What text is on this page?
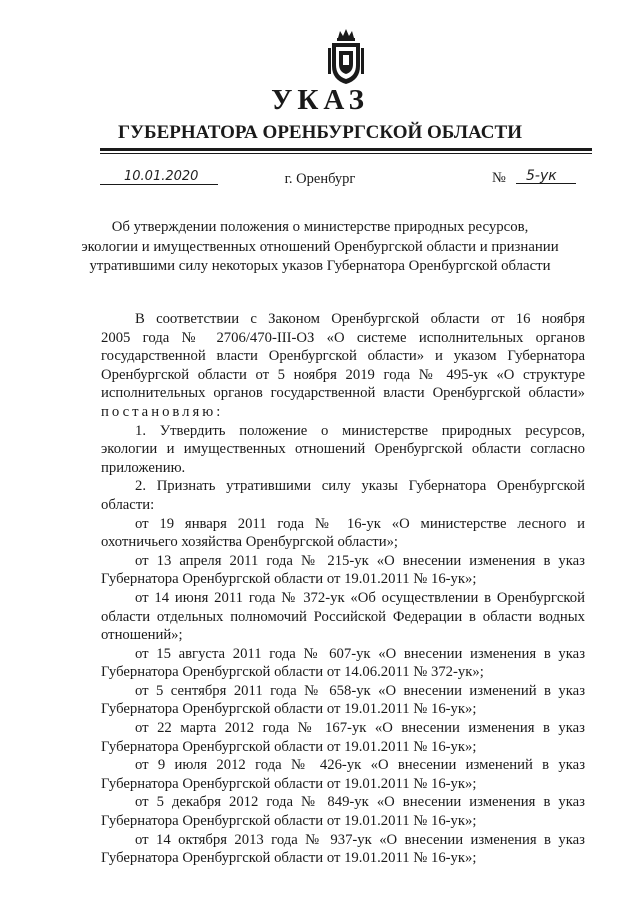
УКАЗ
ГУБЕРНАТОРА ОРЕНБУРГСКОЙ ОБЛАСТИ
10.01.2020	г. Оренбург	№ 5-ук
Об утверждении положения о министерстве природных ресурсов,
экологии и имущественных отношений Оренбургской области и признании
утратившими силу некоторых указов Губернатора Оренбургской области
В соответствии с Законом Оренбургской области от 16 ноября
2005 года № 2706/470-III-ОЗ «О системе исполнительных органов
государственной власти Оренбургской области» и указом Губернатора
Оренбургской области от 5 ноября 2019 года № 495-ук «О структуре
исполнительных органов государственной власти Оренбургской области»
постановляю:
1. Утвердить положение о министерстве природных ресурсов,
экологии и имущественных отношений Оренбургской области согласно
приложению.
2. Признать утратившими силу указы Губернатора Оренбургской
области:
от 19 января 2011 года № 16-ук «О министерстве лесного и
охотничьего хозяйства Оренбургской области»;
от 13 апреля 2011 года № 215-ук «О внесении изменения в указ
Губернатора Оренбургской области от 19.01.2011 № 16-ук»;
от 14 июня 2011 года № 372-ук «Об осуществлении в Оренбургской
области отдельных полномочий Российской Федерации в области водных
отношений»;
от 15 августа 2011 года № 607-ук «О внесении изменения в указ
Губернатора Оренбургской области от 14.06.2011 № 372-ук»;
от 5 сентября 2011 года № 658-ук «О внесении изменений в указ
Губернатора Оренбургской области от 19.01.2011 № 16-ук»;
от 22 марта 2012 года № 167-ук «О внесении изменения в указ
Губернатора Оренбургской области от 19.01.2011 № 16-ук»;
от 9 июля 2012 года № 426-ук «О внесении изменений в указ
Губернатора Оренбургской области от 19.01.2011 № 16-ук»;
от 5 декабря 2012 года № 849-ук «О внесении изменения в указ
Губернатора Оренбургской области от 19.01.2011 № 16-ук»;
от 14 октября 2013 года № 937-ук «О внесении изменения в указ
Губернатора Оренбургской области от 19.01.2011 № 16-ук»;
